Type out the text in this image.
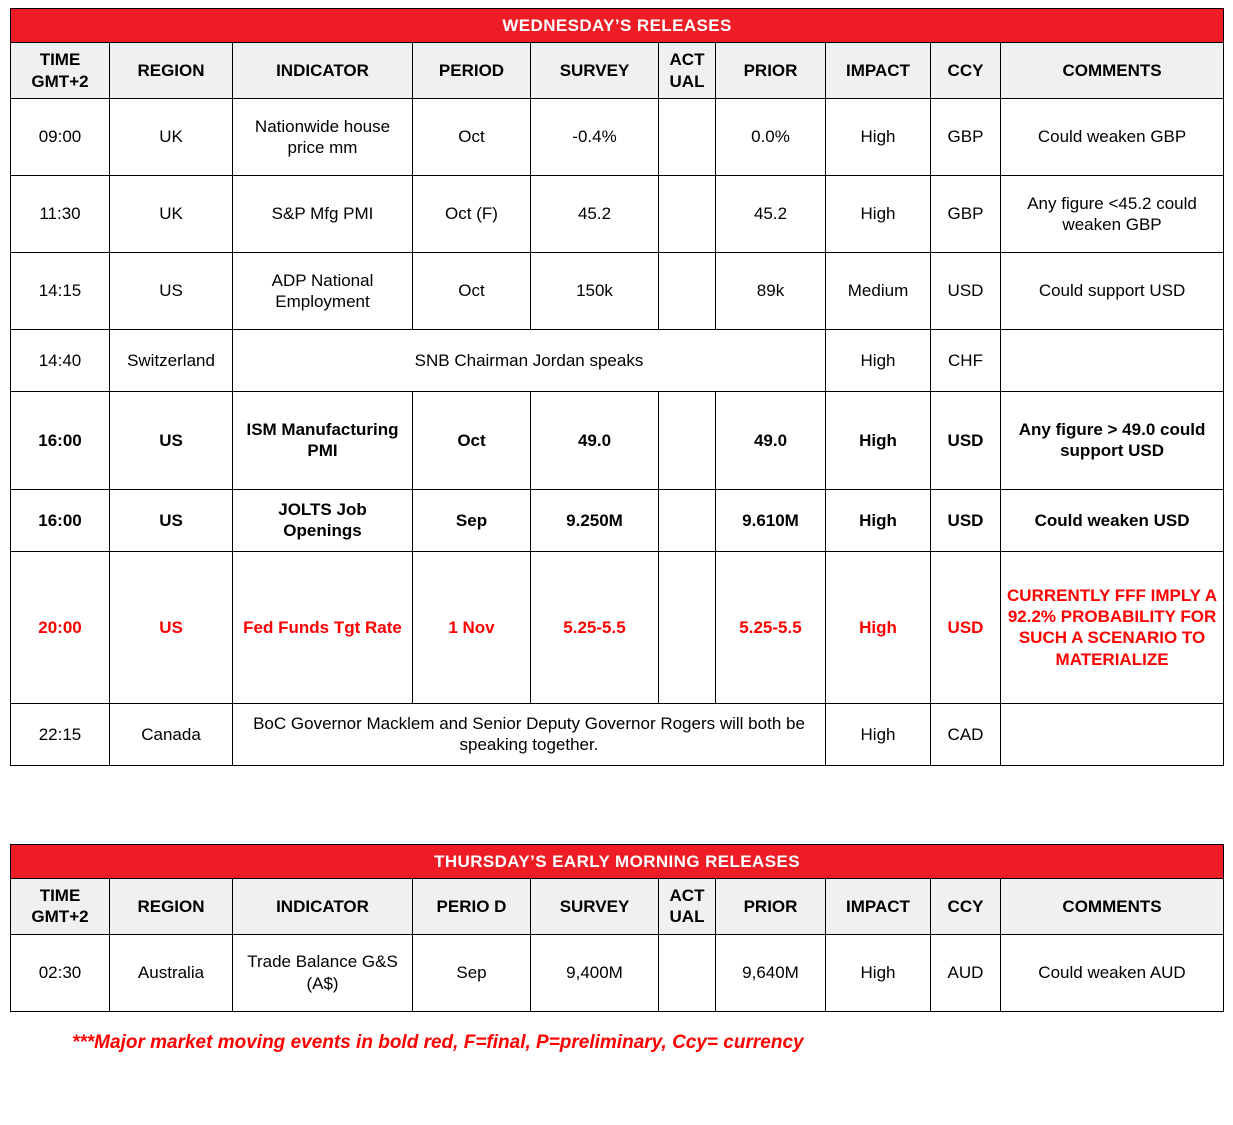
WEDNESDAY’S RELEASES									
TIME GMT+2	REGION	INDICATOR	PERIOD	SURVEY	ACT UAL	PRIOR	IMPACT	CCY	COMMENTS
09:00	UK	Nationwide house price mm	Oct	-0.4%		0.0%	High	GBP	Could weaken GBP
11:30	UK	S&P Mfg PMI	Oct (F)	45.2		45.2	High	GBP	Any figure <45.2 could weaken GBP
14:15	US	ADP National Employment	Oct	150k		89k	Medium	USD	Could support USD
14:40	Switzerland	SNB Chairman Jordan speaks					High	CHF	
16:00	US	ISM Manufacturing PMI	Oct	49.0		49.0	High	USD	Any figure > 49.0 could support USD
16:00	US	JOLTS Job Openings	Sep	9.250M		9.610M	High	USD	Could weaken USD
20:00	US	Fed Funds Tgt Rate	1 Nov	5.25-5.5		5.25-5.5	High	USD	CURRENTLY FFF IMPLY A 92.2% PROBABILITY FOR SUCH A SCENARIO TO MATERIALIZE
22:15	Canada	BoC Governor Macklem and Senior Deputy Governor Rogers will both be speaking together.					High	CAD	
THURSDAY’S EARLY MORNING RELEASES									
TIME GMT+2	REGION	INDICATOR	PERIO D	SURVEY	ACT UAL	PRIOR	IMPACT	CCY	COMMENTS
02:30	Australia	Trade Balance G&S (A$)	Sep	9,400M		9,640M	High	AUD	Could weaken AUD
***Major market moving events in bold red, F=final, P=preliminary, Ccy= currency
